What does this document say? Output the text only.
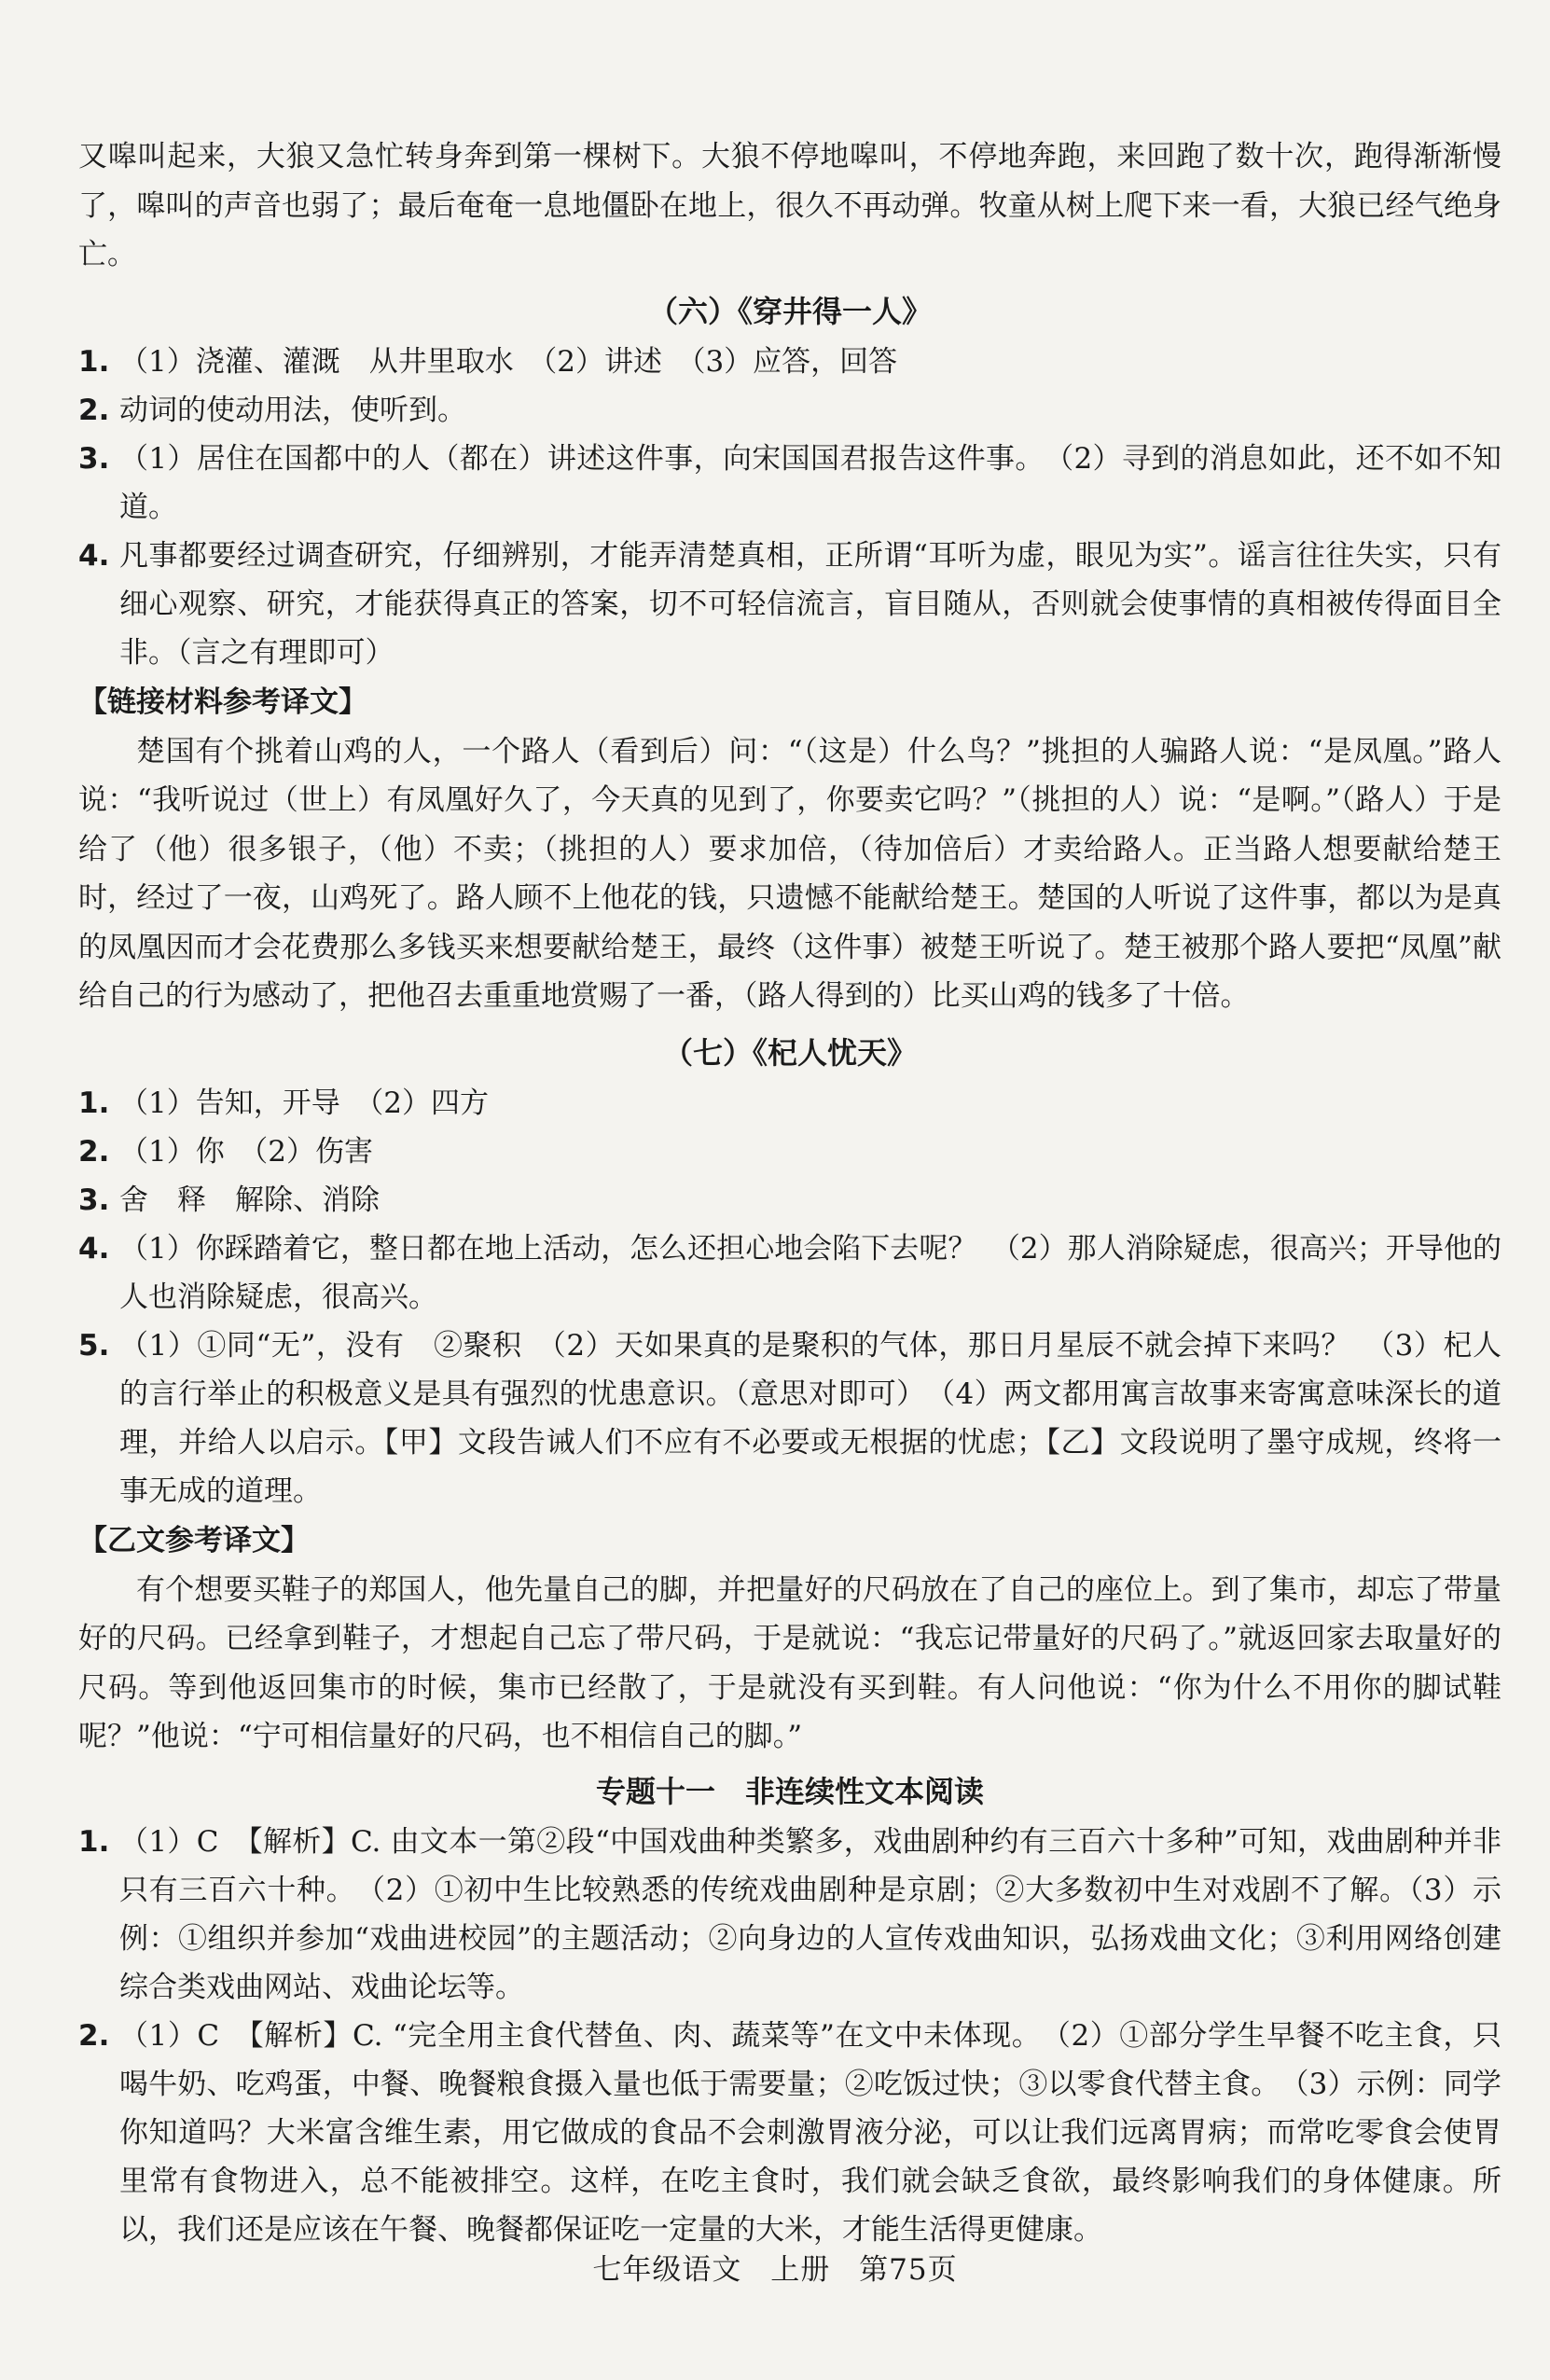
又嗥叫起来，大狼又急忙转身奔到第一棵树下。大狼不停地嗥叫，不停地奔跑，来回跑了数十次，跑得渐渐慢了，嗥叫的声音也弱了；最后奄奄一息地僵卧在地上，很久不再动弹。牧童从树上爬下来一看，大狼已经气绝身亡。

（六）《穿井得一人》

1. （1）浇灌、灌溉　从井里取水　（2）讲述　（3）应答，回答
2. 动词的使动用法，使听到。
3. （1）居住在国都中的人（都在）讲述这件事，向宋国国君报告这件事。　（2）寻到的消息如此，还不如不知道。
4. 凡事都要经过调查研究，仔细辨别，才能弄清楚真相，正所谓“耳听为虚，眼见为实”。谣言往往失实，只有细心观察、研究，才能获得真正的答案，切不可轻信流言，盲目随从，否则就会使事情的真相被传得面目全非。（言之有理即可）

【链接材料参考译文】

楚国有个挑着山鸡的人，一个路人（看到后）问：“（这是）什么鸟？”挑担的人骗路人说：“是凤凰。”路人说：“我听说过（世上）有凤凰好久了，今天真的见到了，你要卖它吗？”（挑担的人）说：“是啊。”（路人）于是给了（他）很多银子，（他）不卖；（挑担的人）要求加倍，（待加倍后）才卖给路人。正当路人想要献给楚王时，经过了一夜，山鸡死了。路人顾不上他花的钱，只遗憾不能献给楚王。楚国的人听说了这件事，都以为是真的凤凰因而才会花费那么多钱买来想要献给楚王，最终（这件事）被楚王听说了。楚王被那个路人要把“凤凰”献给自己的行为感动了，把他召去重重地赏赐了一番，（路人得到的）比买山鸡的钱多了十倍。

（七）《杞人忧天》

1. （1）告知，开导　（2）四方
2. （1）你　（2）伤害
3. 舍　释　解除、消除
4. （1）你踩踏着它，整日都在地上活动，怎么还担心地会陷下去呢？　（2）那人消除疑虑，很高兴；开导他的人也消除疑虑，很高兴。
5. （1）①同“无”，没有　②聚积　（2）天如果真的是聚积的气体，那日月星辰不就会掉下来吗？　（3）杞人的言行举止的积极意义是具有强烈的忧患意识。（意思对即可）　（4）两文都用寓言故事来寄寓意味深长的道理，并给人以启示。【甲】文段告诫人们不应有不必要或无根据的忧虑；【乙】文段说明了墨守成规，终将一事无成的道理。

【乙文参考译文】

有个想要买鞋子的郑国人，他先量自己的脚，并把量好的尺码放在了自己的座位上。到了集市，却忘了带量好的尺码。已经拿到鞋子，才想起自己忘了带尺码，于是就说：“我忘记带量好的尺码了。”就返回家去取量好的尺码。等到他返回集市的时候，集市已经散了，于是就没有买到鞋。有人问他说：“你为什么不用你的脚试鞋呢？”他说：“宁可相信量好的尺码，也不相信自己的脚。”

专题十一　非连续性文本阅读

1. （1）C　【解析】C. 由文本一第②段“中国戏曲种类繁多，戏曲剧种约有三百六十多种”可知，戏曲剧种并非只有三百六十种。　（2）①初中生比较熟悉的传统戏曲剧种是京剧；②大多数初中生对戏剧不了解。（3）示例：①组织并参加“戏曲进校园”的主题活动；②向身边的人宣传戏曲知识，弘扬戏曲文化；③利用网络创建综合类戏曲网站、戏曲论坛等。
2. （1）C　【解析】C. “完全用主食代替鱼、肉、蔬菜等”在文中未体现。　（2）①部分学生早餐不吃主食，只喝牛奶、吃鸡蛋，中餐、晚餐粮食摄入量也低于需要量；②吃饭过快；③以零食代替主食。　（3）示例：同学你知道吗？大米富含维生素，用它做成的食品不会刺激胃液分泌，可以让我们远离胃病；而常吃零食会使胃里常有食物进入，总不能被排空。这样，在吃主食时，我们就会缺乏食欲，最终影响我们的身体健康。所以，我们还是应该在午餐、晚餐都保证吃一定量的大米，才能生活得更健康。
七年级语文 上册 第75页
